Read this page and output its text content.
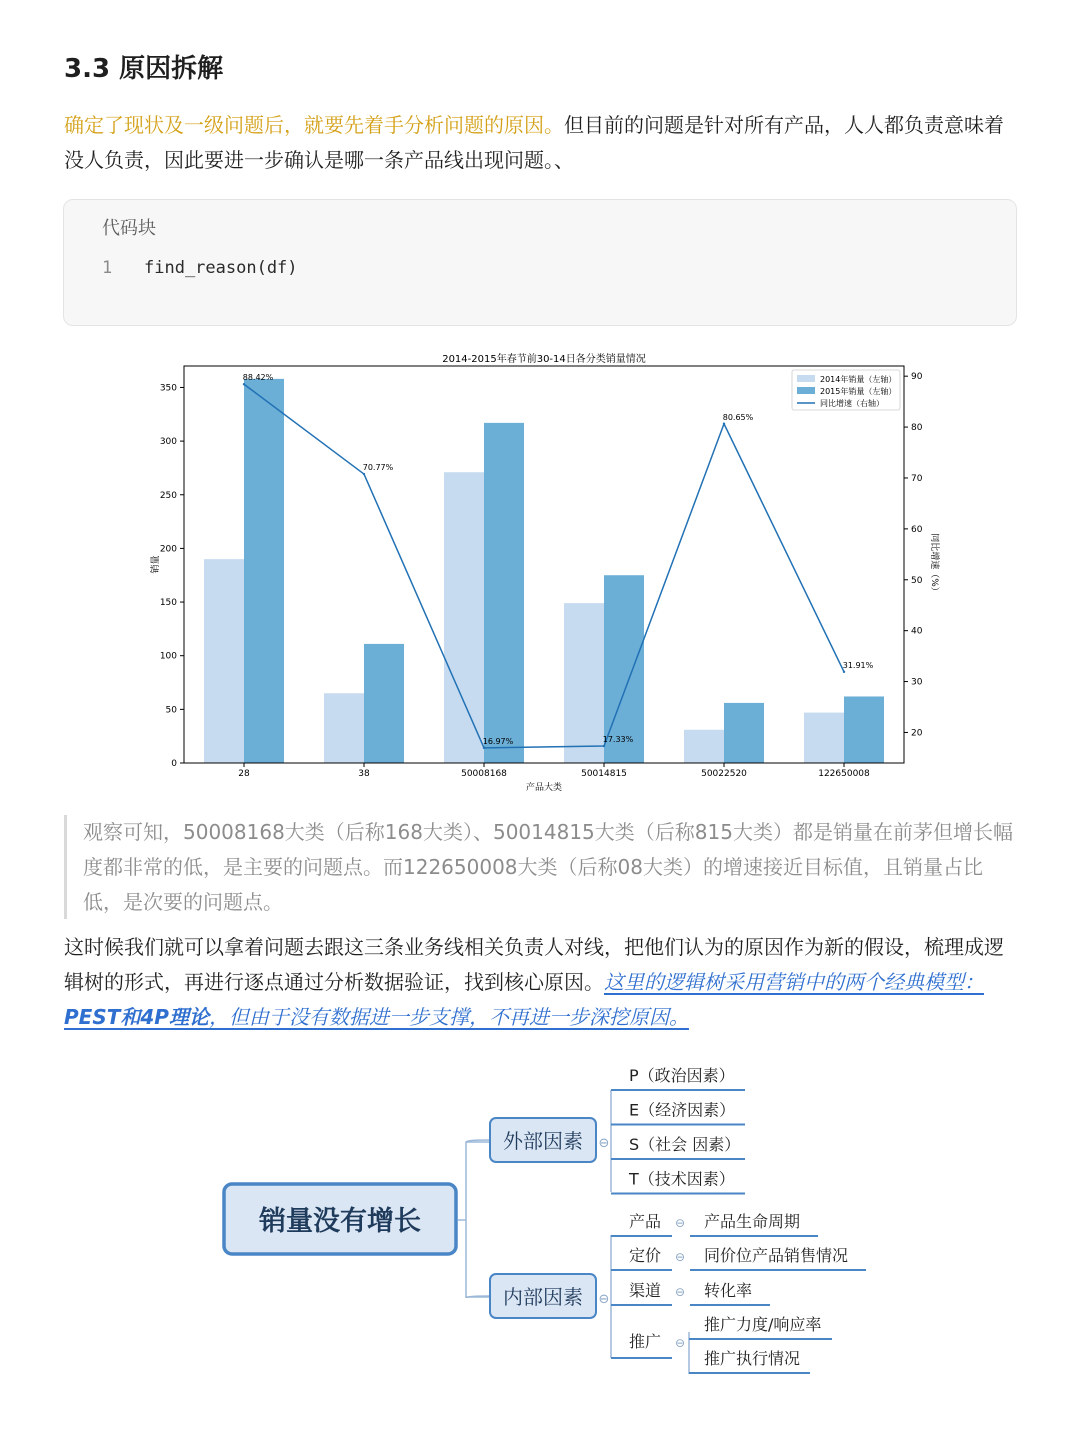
3.3 原因拆解
确定了现状及一级问题后，就要先着手分析问题的原因。但目前的问题是针对所有产品，人人都负责意味着没人负责，因此要进一步确认是哪一条产品线出现问题。、
代码块
1 find_reason(df)
2014-2015年春节前30-14日各分类销量情况
0
50
100
150
200
250
300
350
20
30
40
50
60
70
80
90
28	38	50008168	50014815	50022520	122650008
产品大类
销量	同比增速（%）
88.42%
70.77%
16.97%	17.33%
80.65%
31.91%
2014年销量（左轴）
2015年销量（左轴）
同比增速（右轴）
观察可知，50008168大类（后称168大类）、50014815大类（后称815大类）都是销量在前茅但增长幅度都非常的低，是主要的问题点。而122650008大类（后称08大类）的增速接近目标值，且销量占比低，是次要的问题点。
这时候我们就可以拿着问题去跟这三条业务线相关负责人对线，把他们认为的原因作为新的假设，梳理成逻辑树的形式，再进行逐点通过分析数据验证，找到核心原因。这里的逻辑树采用营销中的两个经典模型：PEST和4P理论，但由于没有数据进一步支撑，不再进一步深挖原因。
销量没有增长
外部因素 ⊖
P（政治因素）
E（经济因素）
S（社会 因素）
T（技术因素）
内部因素 ⊖
产品 ⊖ 产品生命周期
定价 ⊖ 同价位产品销售情况
渠道 ⊖ 转化率
推广 ⊖
推广力度/响应率
推广执行情况
